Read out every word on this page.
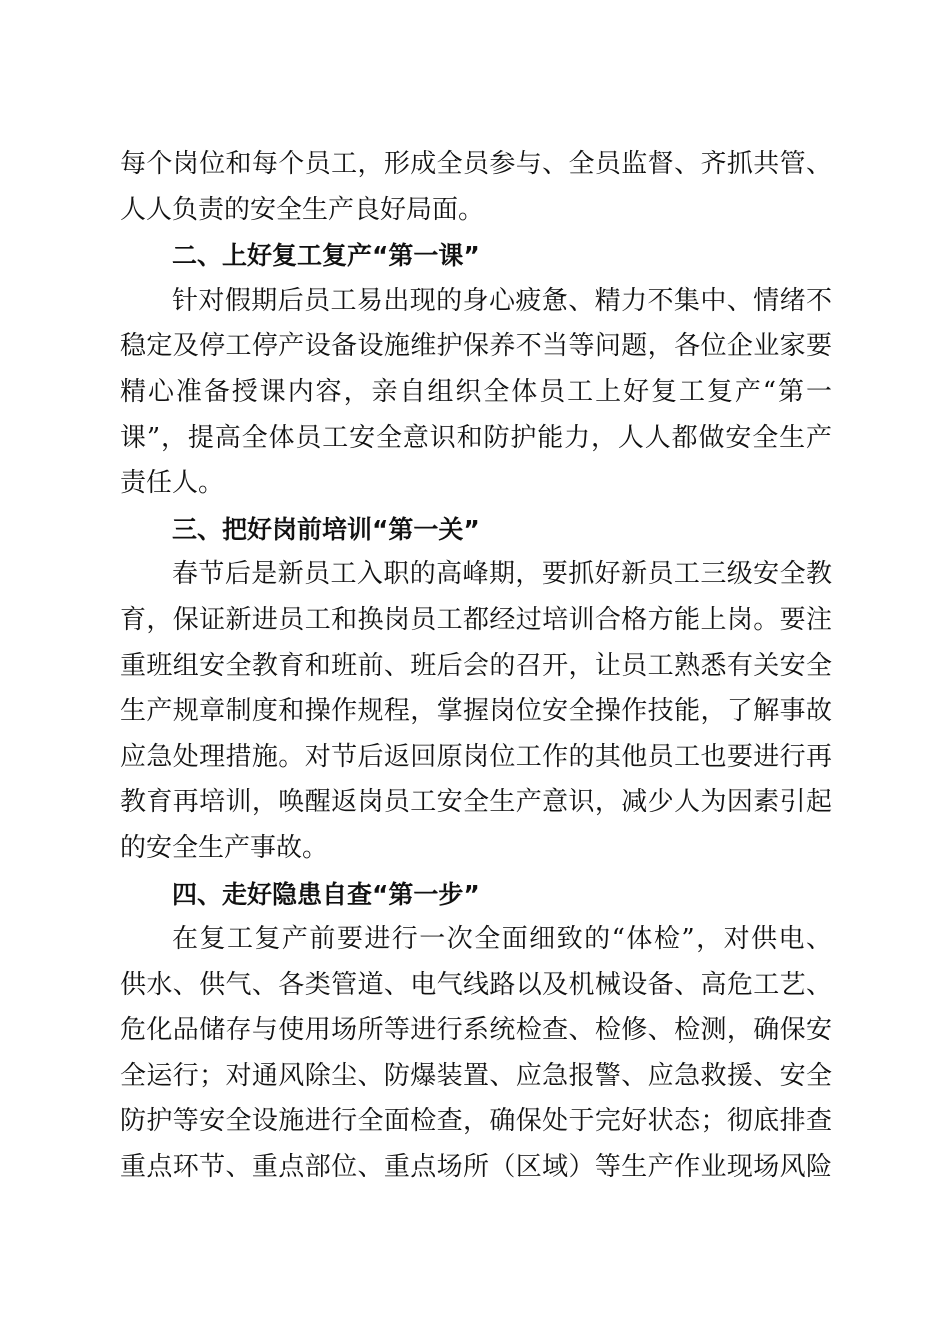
每个岗位和每个员工，形成全员参与、全员监督、齐抓共管、
人人负责的安全生产良好局面。
二、上好复工复产“第一课”
针对假期后员工易出现的身心疲惫、精力不集中、情绪不
稳定及停工停产设备设施维护保养不当等问题，各位企业家要
精心准备授课内容，亲自组织全体员工上好复工复产“第一
课”，提高全体员工安全意识和防护能力，人人都做安全生产
责任人。
三、把好岗前培训“第一关”
春节后是新员工入职的高峰期，要抓好新员工三级安全教
育，保证新进员工和换岗员工都经过培训合格方能上岗。要注
重班组安全教育和班前、班后会的召开，让员工熟悉有关安全
生产规章制度和操作规程，掌握岗位安全操作技能，了解事故
应急处理措施。对节后返回原岗位工作的其他员工也要进行再
教育再培训，唤醒返岗员工安全生产意识，减少人为因素引起
的安全生产事故。
四、走好隐患自查“第一步”
在复工复产前要进行一次全面细致的“体检”，对供电、
供水、供气、各类管道、电气线路以及机械设备、高危工艺、
危化品储存与使用场所等进行系统检查、检修、检测，确保安
全运行；对通风除尘、防爆装置、应急报警、应急救援、安全
防护等安全设施进行全面检查，确保处于完好状态；彻底排查
重点环节、重点部位、重点场所（区域）等生产作业现场风险
